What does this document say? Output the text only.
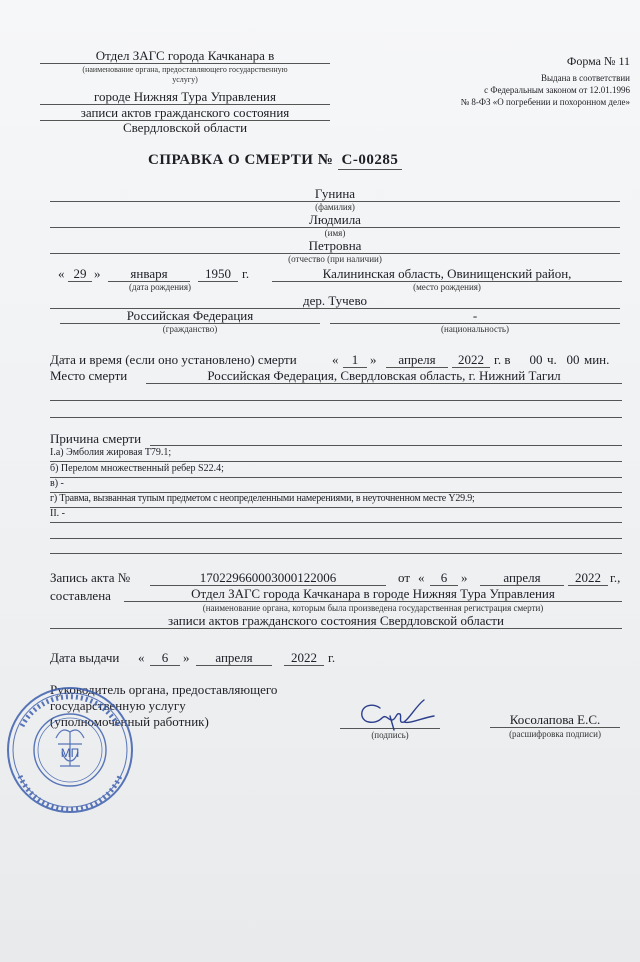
Отдел ЗАГС города Качканара в
(наименование органа, предоставляющего государственную
услугу)
городе Нижняя Тура Управления
записи актов гражданского состояния
Свердловской области
Форма № 11
Выдана в соответствии
с Федеральным законом от 12.01.1996
№ 8-ФЗ «О погребении и похоронном деле»
СПРАВКА О СМЕРТИ № С-00285
Гунина
(фамилия)
Людмила
(имя)
Петровна
(отчество (при наличии)
« 29 »	января	1950 г.
(дата рождения)
Калининская область, Овинищенский район,
(место рождения)
дер. Тучево
Российская Федерация
(гражданство)
-
(национальность)
Дата и время (если оно установлено) смерти	«	1 »	апреля	2022 г. в 00 ч. 00 мин.
Место смерти	Российская Федерация, Свердловская область, г. Нижний Тагил
Причина смерти
I.а) Эмболия жировая T79.1;
б) Перелом множественный ребер S22.4;
в) -
г) Травма, вызванная тупым предметом с неопределенными намерениями, в неуточненном месте Y29.9;
II. -
Запись акта №	170229660003000122006	от «	6	»	апреля	2022 г.,
составлена	Отдел ЗАГС города Качканара в городе Нижняя Тура Управления
(наименование органа, которым была произведена государственная регистрация смерти)
записи актов гражданского состояния Свердловской области
Дата выдачи «	6	»	апреля	2022 г.
Руководитель органа, предоставляющего
государственную услугу
(уполномоченный работник)
(подпись)
Косолапова Е.С.
(расшифровка подписи)
МП
